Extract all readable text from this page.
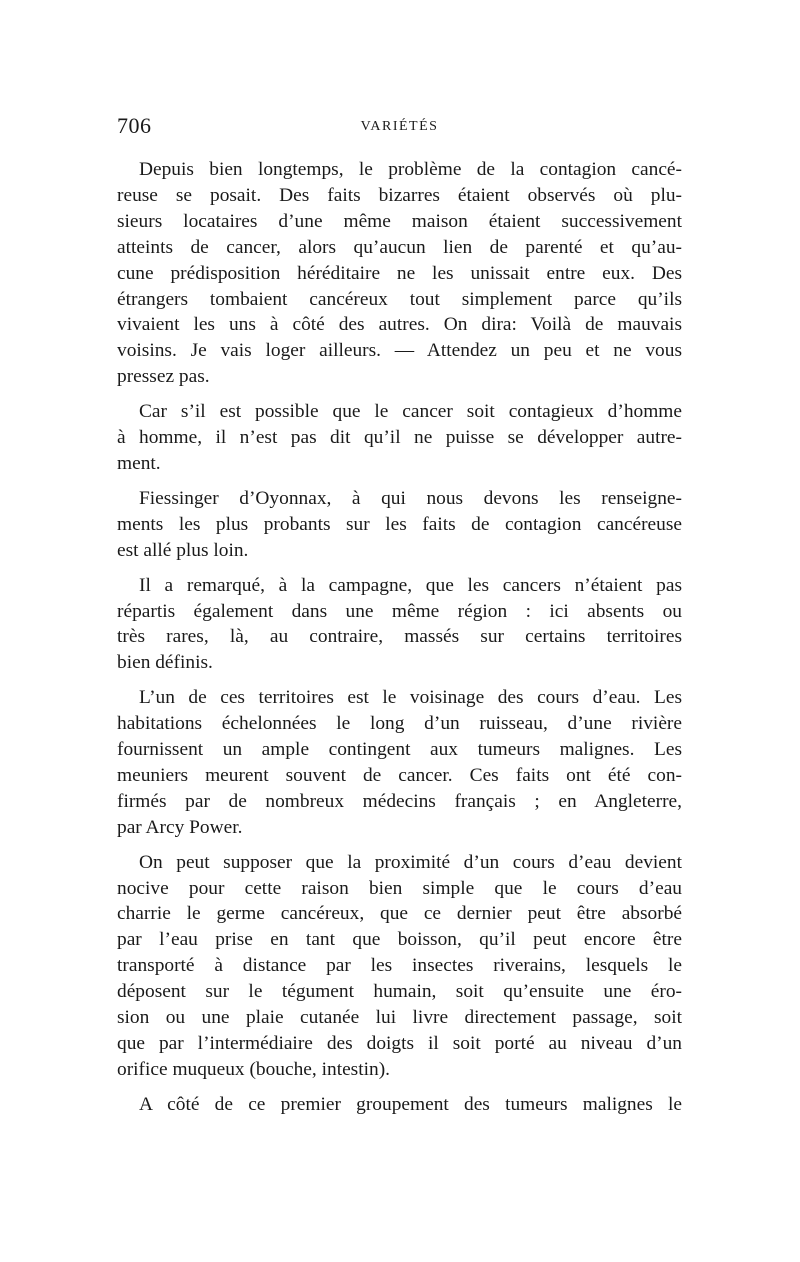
706	VARIÉTÉS

Depuis bien longtemps, le problème de la contagion cancé-
reuse se posait. Des faits bizarres étaient observés où plu-
sieurs locataires d’une même maison étaient successivement
atteints de cancer, alors qu’aucun lien de parenté et qu’au-
cune prédisposition héréditaire ne les unissait entre eux. Des
étrangers tombaient cancéreux tout simplement parce qu’ils
vivaient les uns à côté des autres. On dira: Voilà de mauvais
voisins. Je vais loger ailleurs. — Attendez un peu et ne vous
pressez pas.

Car s’il est possible que le cancer soit contagieux d’homme
à homme, il n’est pas dit qu’il ne puisse se développer autre-
ment.

Fiessinger d’Oyonnax, à qui nous devons les renseigne-
ments les plus probants sur les faits de contagion cancéreuse
est allé plus loin.

Il a remarqué, à la campagne, que les cancers n’étaient pas
répartis également dans une même région : ici absents ou
très rares, là, au contraire, massés sur certains territoires
bien définis.

L’un de ces territoires est le voisinage des cours d’eau. Les
habitations échelonnées le long d’un ruisseau, d’une rivière
fournissent un ample contingent aux tumeurs malignes. Les
meuniers meurent souvent de cancer. Ces faits ont été con-
firmés par de nombreux médecins français ; en Angleterre,
par Arcy Power.

On peut supposer que la proximité d’un cours d’eau devient
nocive pour cette raison bien simple que le cours d’eau
charrie le germe cancéreux, que ce dernier peut être absorbé
par l’eau prise en tant que boisson, qu’il peut encore être
transporté à distance par les insectes riverains, lesquels le
déposent sur le tégument humain, soit qu’ensuite une éro-
sion ou une plaie cutanée lui livre directement passage, soit
que par l’intermédiaire des doigts il soit porté au niveau d’un
orifice muqueux (bouche, intestin).

A côté de ce premier groupement des tumeurs malignes le
